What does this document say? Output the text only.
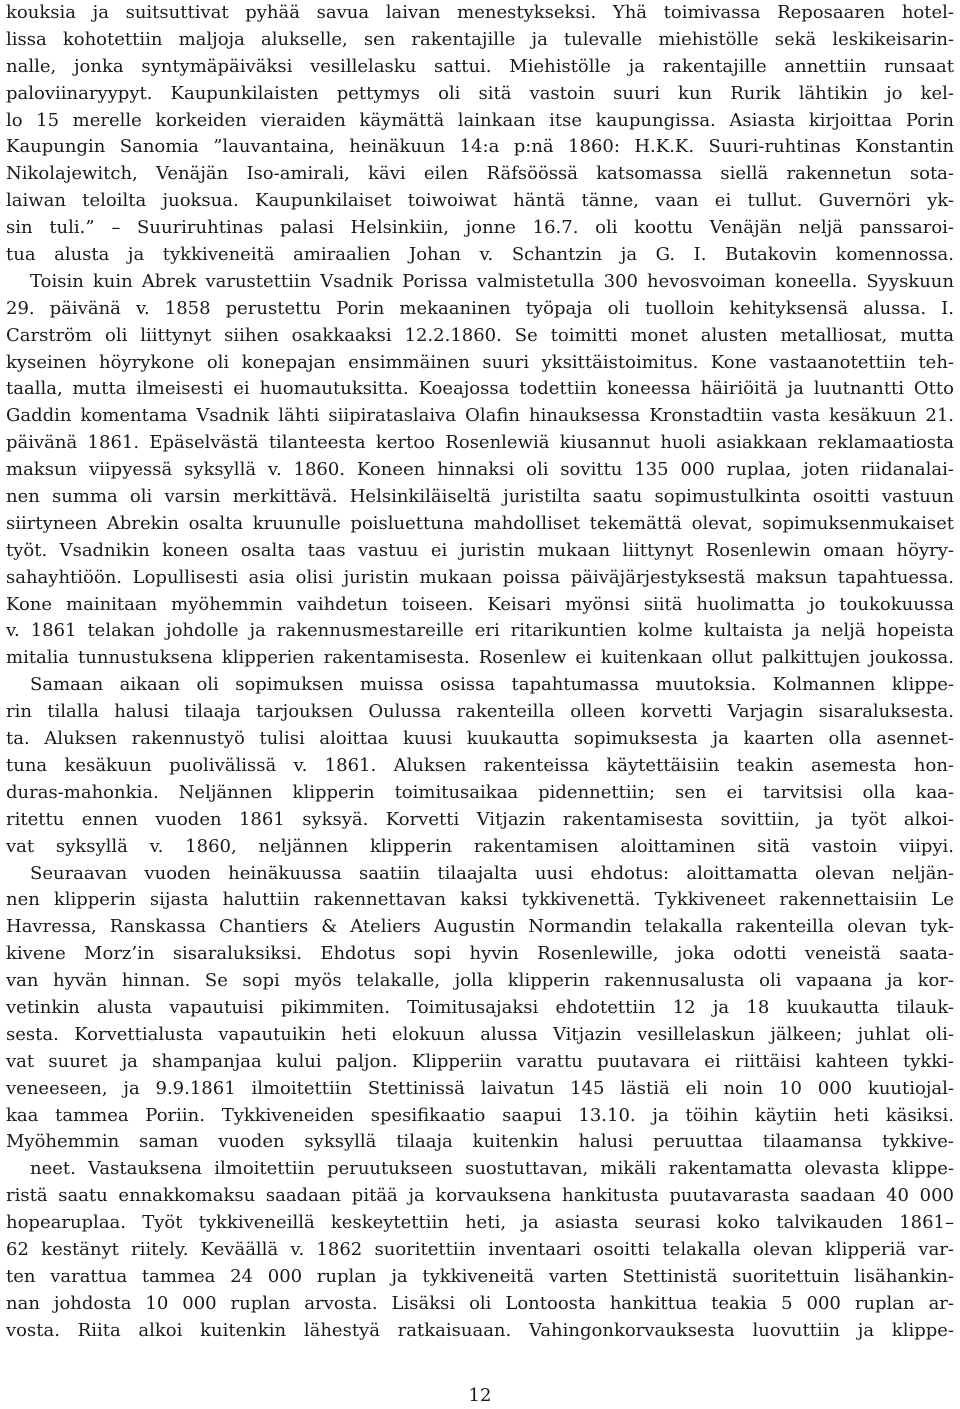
kouksia ja suitsuttivat pyhää savua laivan menestykseksi. Yhä toimivassa Reposaaren hotel-
lissa kohotettiin maljoja alukselle, sen rakentajille ja tulevalle miehistölle sekä leskikeisarin-
nalle, jonka syntymäpäiväksi vesillelasku sattui. Miehistölle ja rakentajille annettiin runsaat
paloviinaryypyt. Kaupunkilaisten pettymys oli sitä vastoin suuri kun Rurik lähtikin jo kel-
lo 15 merelle korkeiden vieraiden käymättä lainkaan itse kaupungissa. Asiasta kirjoittaa Porin
Kaupungin Sanomia ”lauvantaina, heinäkuun 14:a p:nä 1860: H.K.K. Suuri-ruhtinas Konstantin
Nikolajewitch, Venäjän Iso-amirali, kävi eilen Räfsöössä katsomassa siellä rakennetun sota-
laiwan teloilta juoksua. Kaupunkilaiset toiwoiwat häntä tänne, vaan ei tullut. Guvernöri yk-
sin tuli.” – Suuriruhtinas palasi Helsinkiin, jonne 16.7. oli koottu Venäjän neljä panssaroi-
tua alusta ja tykkiveneitä amiraalien Johan v. Schantzin ja G. I. Butakovin komennossa.
Toisin kuin Abrek varustettiin Vsadnik Porissa valmistetulla 300 hevosvoiman koneella. Syyskuun
29. päivänä v. 1858 perustettu Porin mekaaninen työpaja oli tuolloin kehityksensä alussa. I.
Carström oli liittynyt siihen osakkaaksi 12.2.1860. Se toimitti monet alusten metalliosat, mutta
kyseinen höyrykone oli konepajan ensimmäinen suuri yksittäistoimitus. Kone vastaanotettiin teh-
taalla, mutta ilmeisesti ei huomautuksitta. Koeajossa todettiin koneessa häiriöitä ja luutnantti Otto
Gaddin komentama Vsadnik lähti siipirataslaiva Olafin hinauksessa Kronstadtiin vasta kesäkuun 21.
päivänä 1861. Epäselvästä tilanteesta kertoo Rosenlewiä kiusannut huoli asiakkaan reklamaatiosta
maksun viipyessä syksyllä v. 1860. Koneen hinnaksi oli sovittu 135 000 ruplaa, joten riidanalai-
nen summa oli varsin merkittävä. Helsinkiläiseltä juristilta saatu sopimustulkinta osoitti vastuun
siirtyneen Abrekin osalta kruunulle poisluettuna mahdolliset tekemättä olevat, sopimuksenmukaiset
työt. Vsadnikin koneen osalta taas vastuu ei juristin mukaan liittynyt Rosenlewin omaan höyry-
sahayhtiöön. Lopullisesti asia olisi juristin mukaan poissa päiväjärjestyksestä maksun tapahtuessa.
Kone mainitaan myöhemmin vaihdetun toiseen. Keisari myönsi siitä huolimatta jo toukokuussa
v. 1861 telakan johdolle ja rakennusmestareille eri ritarikuntien kolme kultaista ja neljä hopeista
mitalia tunnustuksena klipperien rakentamisesta. Rosenlew ei kuitenkaan ollut palkittujen joukossa.
Samaan aikaan oli sopimuksen muissa osissa tapahtumassa muutoksia. Kolmannen klippe-
rin tilalla halusi tilaaja tarjouksen Oulussa rakenteilla olleen korvetti Varjagin sisaraluksesta.
ta. Aluksen rakennustyö tulisi aloittaa kuusi kuukautta sopimuksesta ja kaarten olla asennet-
tuna kesäkuun puolivälissä v. 1861. Aluksen rakenteissa käytettäisiin teakin asemesta hon-
duras-mahonkia. Neljännen klipperin toimitusaikaa pidennettiin; sen ei tarvitsisi olla kaa-
ritettu ennen vuoden 1861 syksyä. Korvetti Vitjazin rakentamisesta sovittiin, ja työt alkoi-
vat syksyllä v. 1860, neljännen klipperin rakentamisen aloittaminen sitä vastoin viipyi.
Seuraavan vuoden heinäkuussa saatiin tilaajalta uusi ehdotus: aloittamatta olevan neljän-
nen klipperin sijasta haluttiin rakennettavan kaksi tykkivenettä. Tykkiveneet rakennettaisiin Le
Havressa, Ranskassa Chantiers & Ateliers Augustin Normandin telakalla rakenteilla olevan tyk-
kivene Morz’in sisaraluksiksi. Ehdotus sopi hyvin Rosenlewille, joka odotti veneistä saata-
van hyvän hinnan. Se sopi myös telakalle, jolla klipperin rakennusalusta oli vapaana ja kor-
vetinkin alusta vapautuisi pikimmiten. Toimitusajaksi ehdotettiin 12 ja 18 kuukautta tilauk-
sesta. Korvettialusta vapautuikin heti elokuun alussa Vitjazin vesillelaskun jälkeen; juhlat oli-
vat suuret ja shampanjaa kului paljon. Klipperiin varattu puutavara ei riittäisi kahteen tykki-
veneeseen, ja 9.9.1861 ilmoitettiin Stettinissä laivatun 145 lästiä eli noin 10 000 kuutiojal-
kaa tammea Poriin. Tykkiveneiden spesifikaatio saapui 13.10. ja töihin käytiin heti käsiksi.
Myöhemmin saman vuoden syksyllä tilaaja kuitenkin halusi peruuttaa tilaamansa tykkive-
neet. Vastauksena ilmoitettiin peruutukseen suostuttavan, mikäli rakentamatta olevasta klippe-
ristä saatu ennakkomaksu saadaan pitää ja korvauksena hankitusta puutavarasta saadaan 40 000
hopearuplaa. Työt tykkiveneillä keskeytettiin heti, ja asiasta seurasi koko talvikauden 1861–
62 kestänyt riitely. Keväällä v. 1862 suoritettiin inventaari osoitti telakalla olevan klipperiä var-
ten varattua tammea 24 000 ruplan ja tykkiveneitä varten Stettinistä suoritettuin lisähankin-
nan johdosta 10 000 ruplan arvosta. Lisäksi oli Lontoosta hankittua teakia 5 000 ruplan ar-
vosta. Riita alkoi kuitenkin lähestyä ratkaisuaan. Vahingonkorvauksesta luovuttiin ja klippe-

12
